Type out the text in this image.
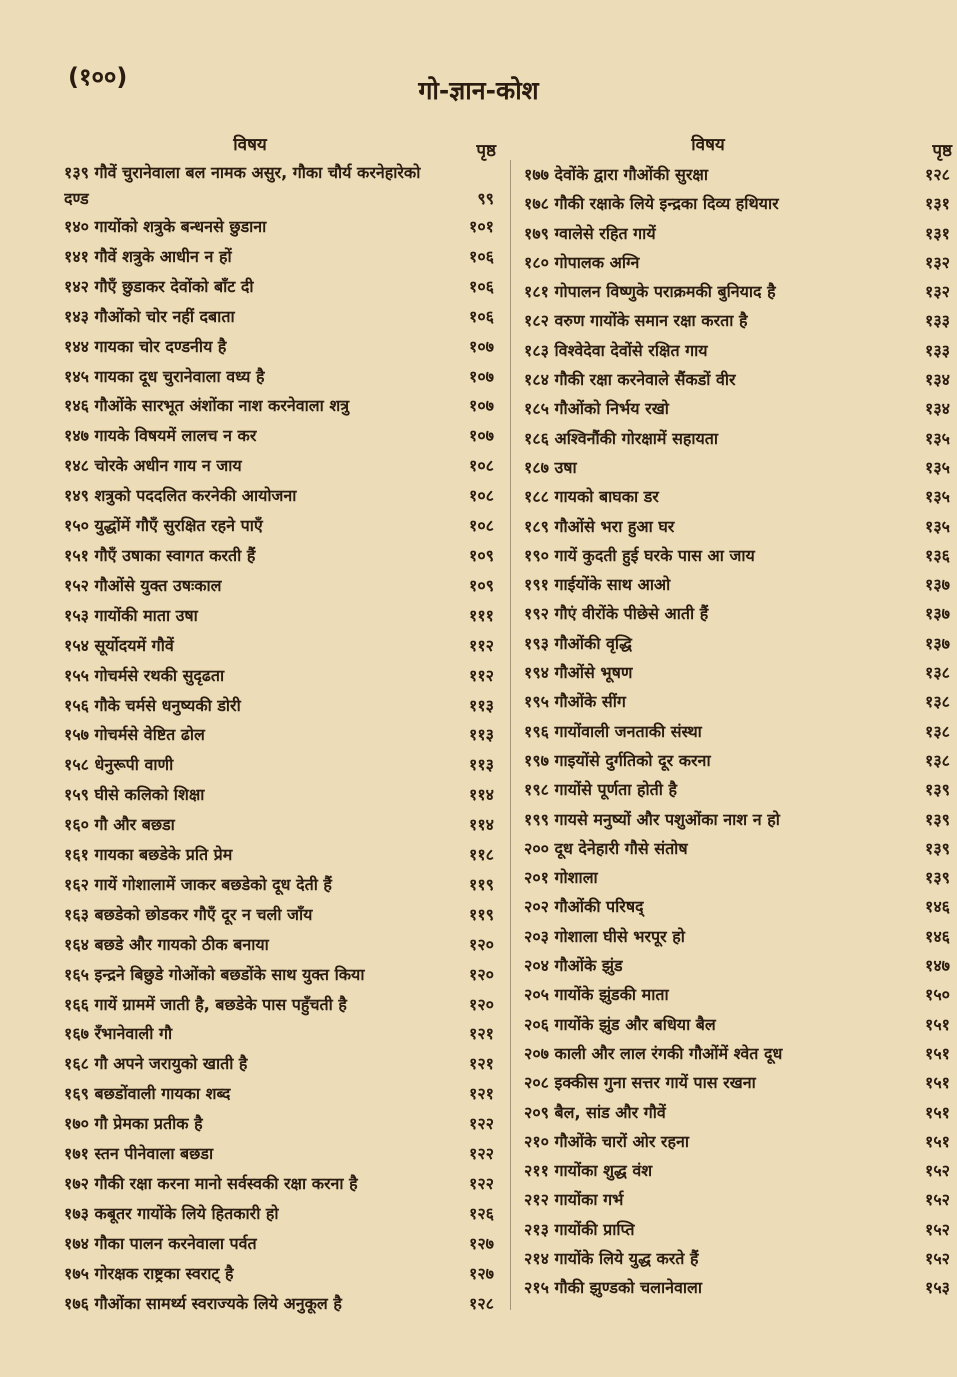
(१००)	गो-ज्ञान-कोश
विषय	पृष्ठ
१३९ गौवें चुरानेवाला बल नामक असुर, गौका चौर्य करनेहारेको दण्ड	९९
१४० गायोंको शत्रुके बन्धनसे छुडाना	१०१
१४१ गौवें शत्रुके आधीन न हों	१०६
१४२ गौएँ छुडाकर देवोंको बाँट दी	१०६
१४३ गौओंको चोर नहीं दबाता	१०६
१४४ गायका चोर दण्डनीय है	१०७
१४५ गायका दूध चुरानेवाला वध्य है	१०७
१४६ गौओंके सारभूत अंशोंका नाश करनेवाला शत्रु	१०७
१४७ गायके विषयमें लालच न कर	१०७
१४८ चोरके अधीन गाय न जाय	१०८
१४९ शत्रुको पददलित करनेकी आयोजना	१०८
१५० युद्धोंमें गौएँ सुरक्षित रहने पाएँ	१०८
१५१ गौएँ उषाका स्वागत करती हैं	१०९
१५२ गौओंसे युक्त उषःकाल	१०९
१५३ गायोंकी माता उषा	१११
१५४ सूर्योदयमें गौवें	११२
१५५ गोचर्मसे रथकी सुदृढता	११२
१५६ गौके चर्मसे धनुष्यकी डोरी	११३
१५७ गोचर्मसे वेष्टित ढोल	११३
१५८ धेनुरूपी वाणी	११३
१५९ घीसे कलिको शिक्षा	११४
१६० गौ और बछडा	११४
१६१ गायका बछडेके प्रति प्रेम	११८
१६२ गायें गोशालामें जाकर बछडेको दूध देती हैं	११९
१६३ बछडेको छोडकर गौएँ दूर न चली जाँय	११९
१६४ बछडे और गायको ठीक बनाया	१२०
१६५ इन्द्रने बिछुडे गोओंको बछडोंके साथ युक्त किया	१२०
१६६ गायें ग्राममें जाती है, बछडेके पास पहुँचती है	१२०
१६७ रँभानेवाली गौ	१२१
१६८ गौ अपने जरायुको खाती है	१२१
१६९ बछडोंवाली गायका शब्द	१२१
१७० गौ प्रेमका प्रतीक है	१२२
१७१ स्तन पीनेवाला बछडा	१२२
१७२ गौकी रक्षा करना मानो सर्वस्वकी रक्षा करना है	१२२
१७३ कबूतर गायोंके लिये हितकारी हो	१२६
१७४ गौका पालन करनेवाला पर्वत	१२७
१७५ गोरक्षक राष्ट्रका स्वराट् है	१२७
१७६ गौओंका सामर्थ्य स्वराज्यके लिये अनुकूल है	१२८
विषय	पृष्ठ
१७७ देवोंके द्वारा गौओंकी सुरक्षा	१२८
१७८ गौकी रक्षाके लिये इन्द्रका दिव्य हथियार	१३१
१७९ ग्वालेसे रहित गायें	१३१
१८० गोपालक अग्नि	१३२
१८१ गोपालन विष्णुके पराक्रमकी बुनियाद है	१३२
१८२ वरुण गायोंके समान रक्षा करता है	१३३
१८३ विश्वेदेवा देवोंसे रक्षित गाय	१३३
१८४ गौकी रक्षा करनेवाले सैंकडों वीर	१३४
१८५ गौओंको निर्भय रखो	१३४
१८६ अश्विनौंकी गोरक्षामें सहायता	१३५
१८७ उषा	१३५
१८८ गायको बाघका डर	१३५
१८९ गौओंसे भरा हुआ घर	१३५
१९० गायें कुदती हुई घरके पास आ जाय	१३६
१९१ गाईयोंके साथ आओ	१३७
१९२ गौएं वीरोंके पीछेसे आती हैं	१३७
१९३ गौओंकी वृद्धि	१३७
१९४ गौओंसे भूषण	१३८
१९५ गौओंके सींग	१३८
१९६ गायोंवाली जनताकी संस्था	१३८
१९७ गाइयोंसे दुर्गतिको दूर करना	१३८
१९८ गायोंसे पूर्णता होती है	१३९
१९९ गायसे मनुष्यों और पशुओंका नाश न हो	१३९
२०० दूध देनेहारी गौसे संतोष	१३९
२०१ गोशाला	१३९
२०२ गौओंकी परिषद्	१४६
२०३ गोशाला घीसे भरपूर हो	१४६
२०४ गौओंके झुंड	१४७
२०५ गायोंके झुंडकी माता	१५०
२०६ गायोंके झुंड और बधिया बैल	१५१
२०७ काली और लाल रंगकी गौओंमें श्वेत दूध	१५१
२०८ इक्कीस गुना सत्तर गायें पास रखना	१५१
२०९ बैल, सांड और गौवें	१५१
२१० गौओंके चारों ओर रहना	१५१
२११ गायोंका शुद्ध वंश	१५२
२१२ गायोंका गर्भ	१५२
२१३ गायोंकी प्राप्ति	१५२
२१४ गायोंके लिये युद्ध करते हैं	१५२
२१५ गौकी झुण्डको चलानेवाला	१५३
